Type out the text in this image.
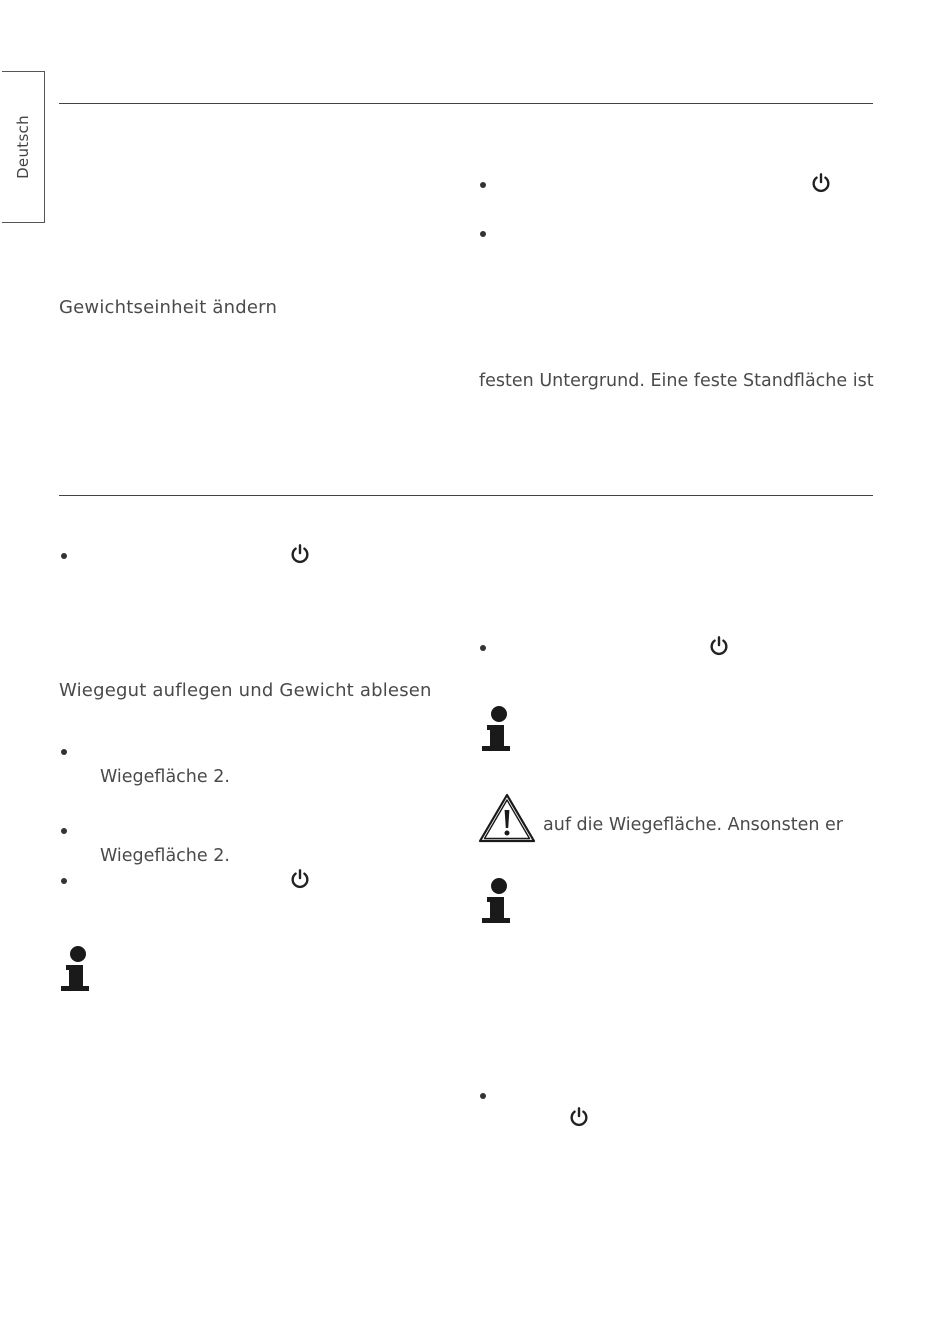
Deutsch
Gewichtseinheit ändern
Wiegegut auflegen und Gewicht ablesen
Wiegefläche 2.
Wiegefläche 2.
festen Untergrund. Eine feste Standfläche ist
auf die Wiegefläche. Ansonsten er
